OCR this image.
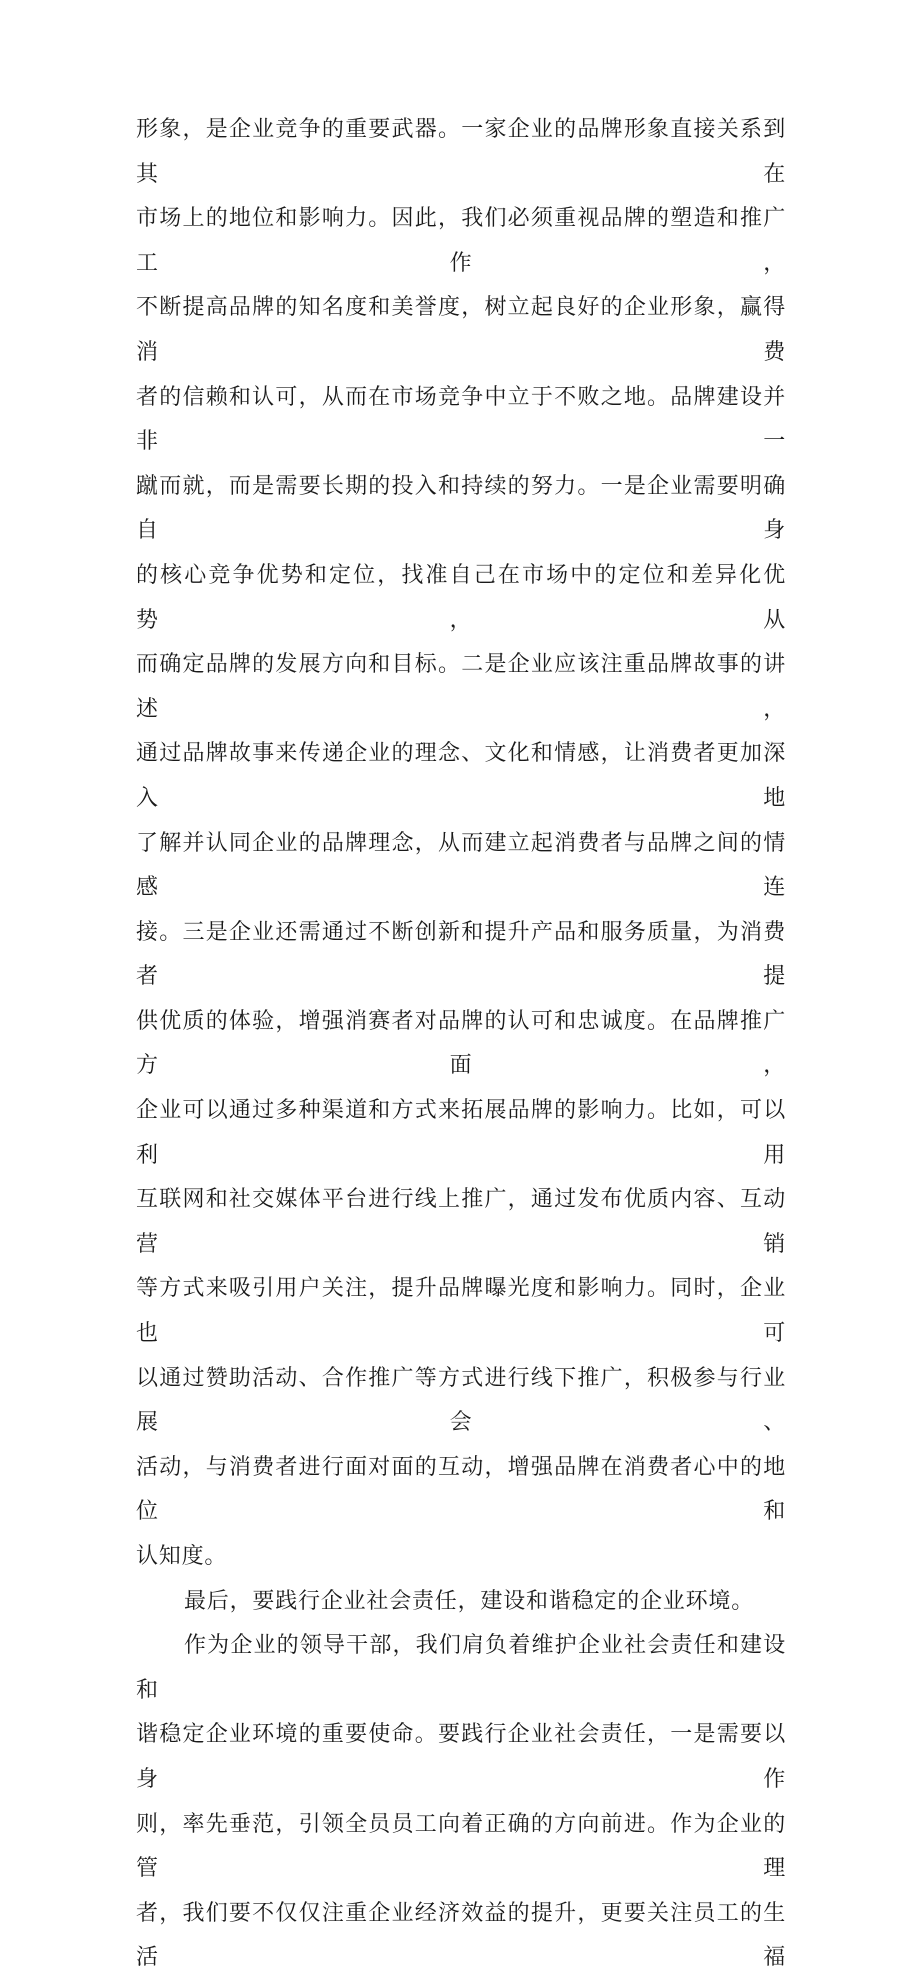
形象，是企业竞争的重要武器。一家企业的品牌形象直接关系到其在
市场上的地位和影响力。因此，我们必须重视品牌的塑造和推广工作，
不断提高品牌的知名度和美誉度，树立起良好的企业形象，赢得消费
者的信赖和认可，从而在市场竞争中立于不败之地。品牌建设并非一
蹴而就，而是需要长期的投入和持续的努力。一是企业需要明确自身
的核心竞争优势和定位，找准自己在市场中的定位和差异化优势，从
而确定品牌的发展方向和目标。二是企业应该注重品牌故事的讲述，
通过品牌故事来传递企业的理念、文化和情感，让消费者更加深入地
了解并认同企业的品牌理念，从而建立起消费者与品牌之间的情感连
接。三是企业还需通过不断创新和提升产品和服务质量，为消费者提
供优质的体验，增强消赛者对品牌的认可和忠诚度。在品牌推广方面，
企业可以通过多种渠道和方式来拓展品牌的影响力。比如，可以利用
互联网和社交媒体平台进行线上推广，通过发布优质内容、互动营销
等方式来吸引用户关注，提升品牌曝光度和影响力。同时，企业也可
以通过赞助活动、合作推广等方式进行线下推广，积极参与行业展会、
活动，与消费者进行面对面的互动，增强品牌在消费者心中的地位和
认知度。

最后，要践行企业社会责任，建设和谐稳定的企业环境。

作为企业的领导干部，我们肩负着维护企业社会责任和建设和
谐稳定企业环境的重要使命。要践行企业社会责任，一是需要以身作
则，率先垂范，引领全员员工向着正确的方向前进。作为企业的管理
者，我们要不仅仅注重企业经济效益的提升，更要关注员工的生活福
